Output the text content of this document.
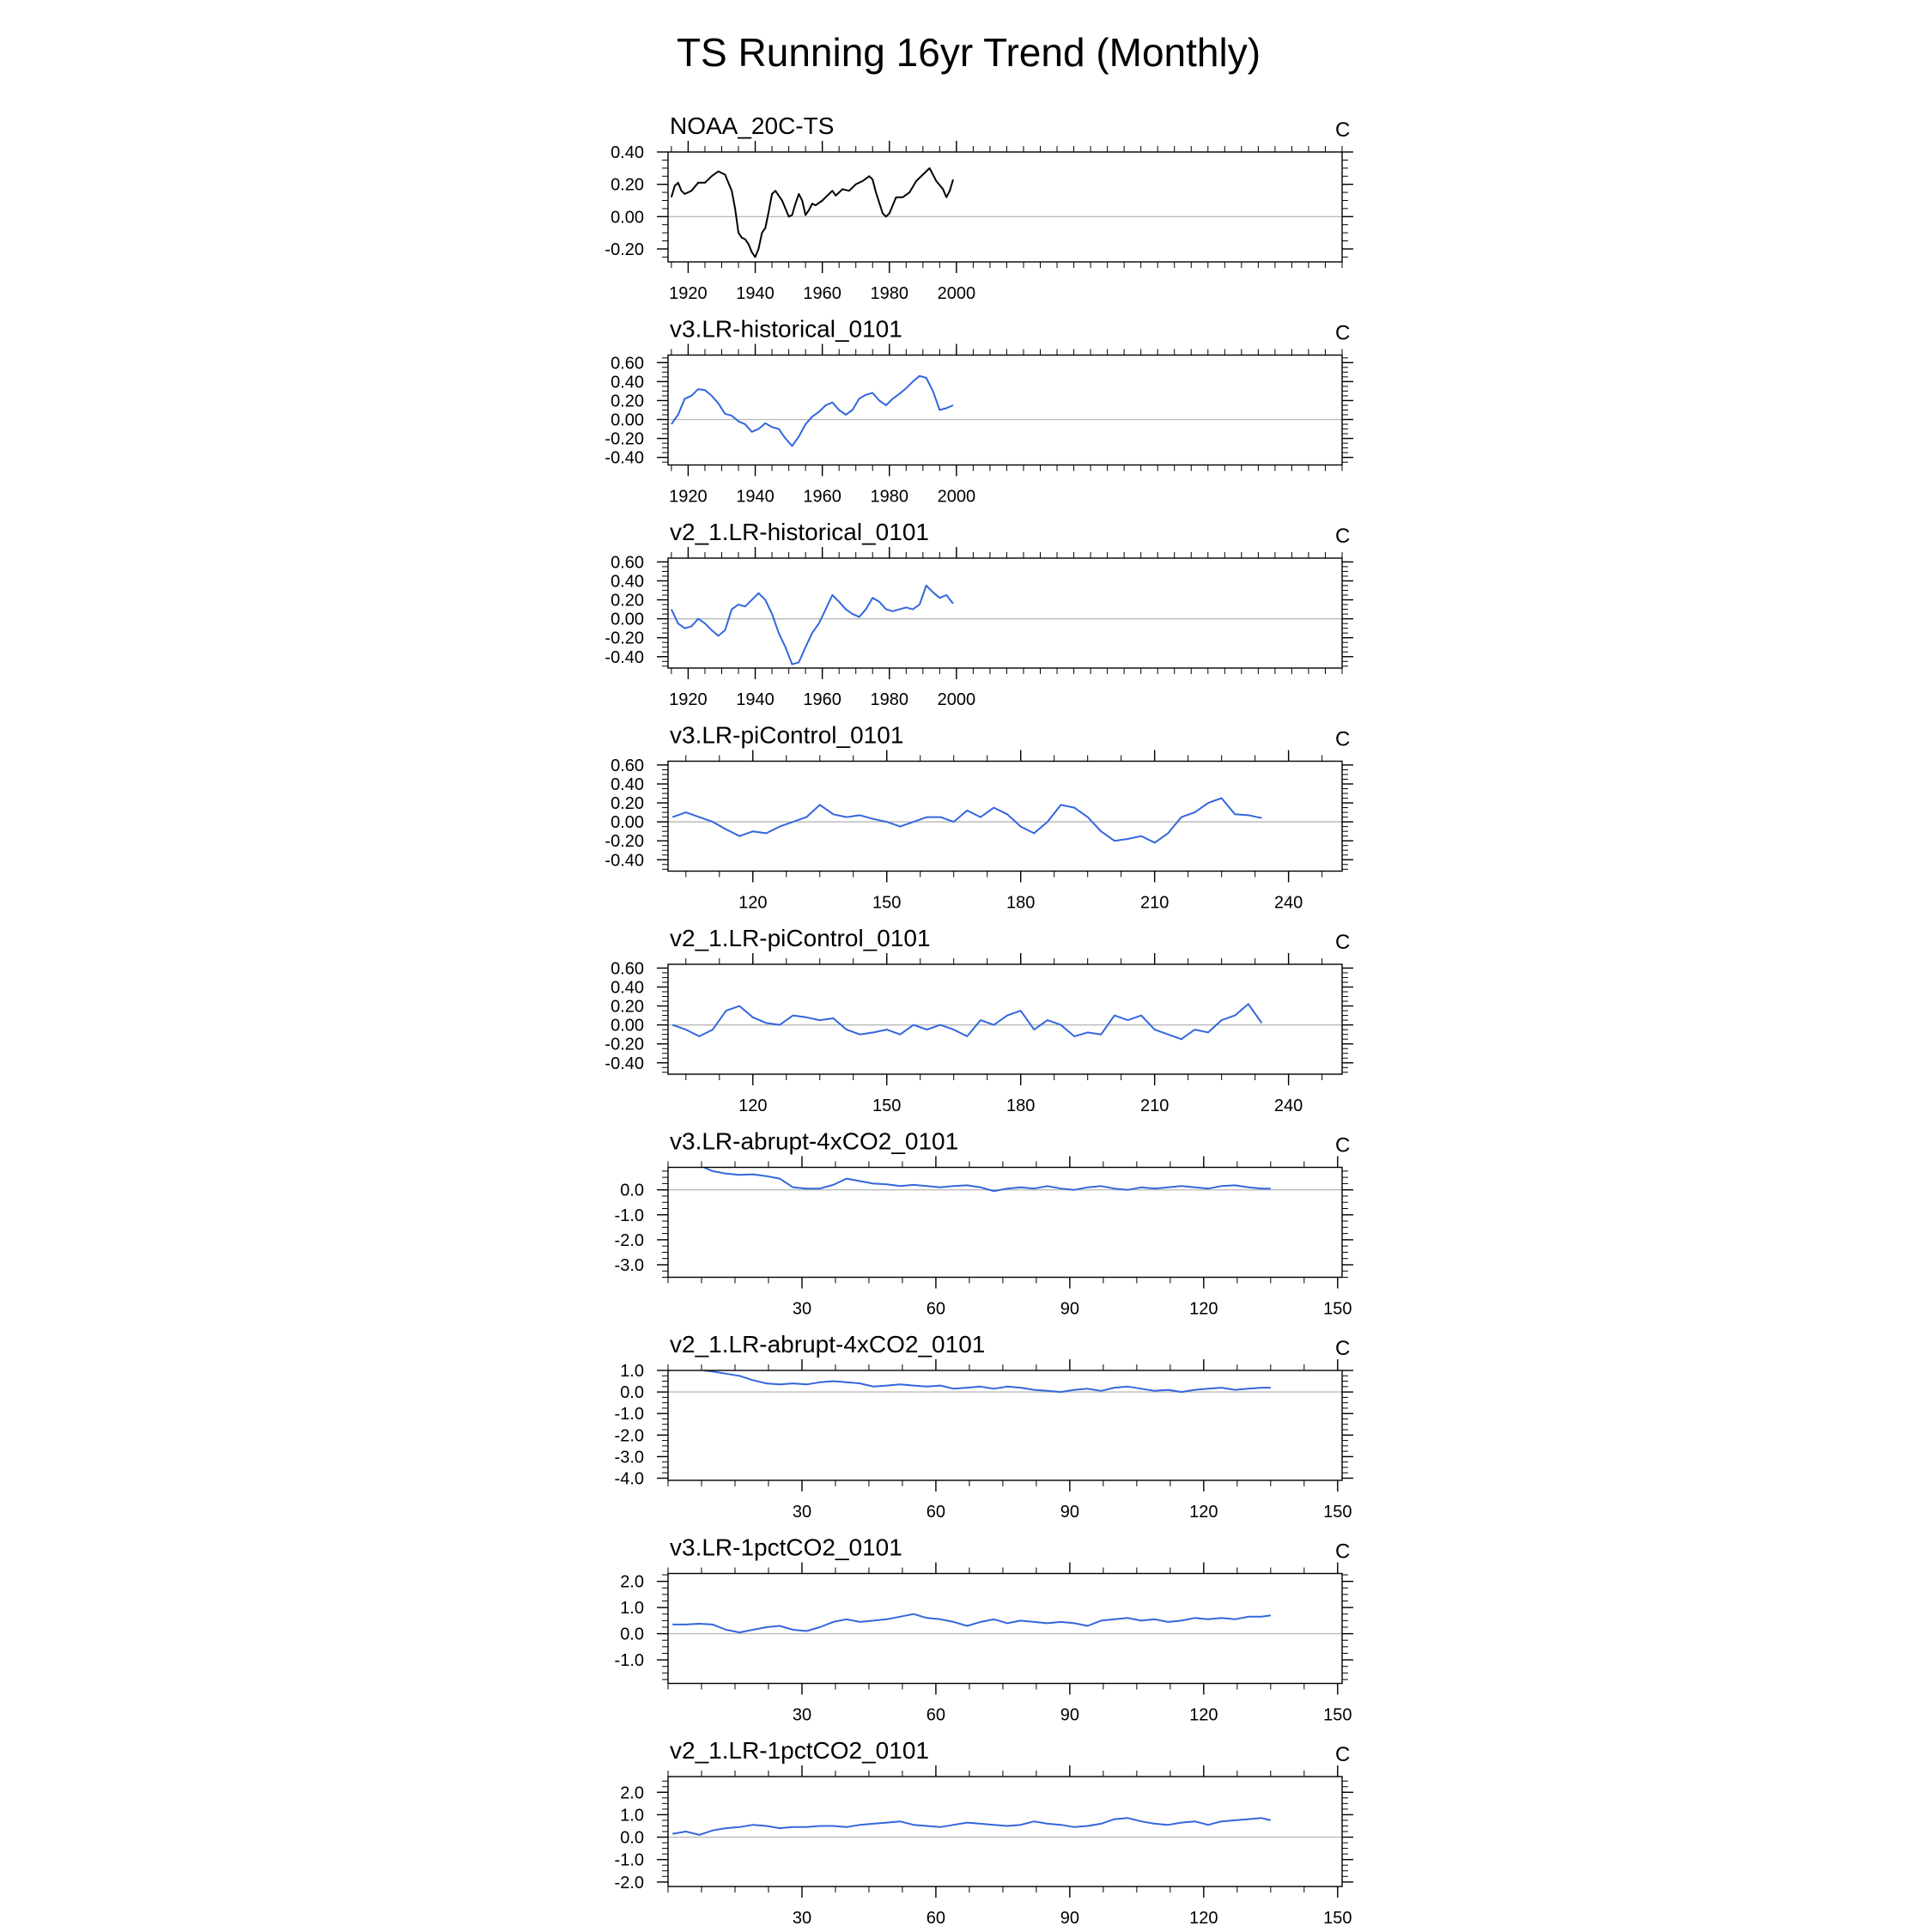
TS Running 16yr Trend (Monthly)
NOAA_20C-TS	C
0.40
0.20
0.00
-0.20
1920 1940 1960 1980 2000
v3.LR-historical_0101	C
0.60
0.40
0.20
0.00
-0.20
-0.40
1920 1940 1960 1980 2000
v2_1.LR-historical_0101	C
0.60
0.40
0.20
0.00
-0.20
-0.40
1920 1940 1960 1980 2000
v3.LR-piControl_0101	C
0.60
0.40
0.20
0.00
-0.20
-0.40
120	150	180	210	240
v2_1.LR-piControl_0101	C
0.60
0.40
0.20
0.00
-0.20
-0.40
120	150	180	210	240
v3.LR-abrupt-4xCO2_0101	C
0.0
-1.0
-2.0
-3.0
30	60	90	120	150
v2_1.LR-abrupt-4xCO2_0101	C
1.0
0.0
-1.0
-2.0
-3.0
-4.0
30	60	90	120	150
v3.LR-1pctCO2_0101	C
2.0
1.0
0.0
-1.0
30	60	90	120	150
v2_1.LR-1pctCO2_0101	C
2.0
1.0
0.0
-1.0
-2.0
30	60	90	120	150
